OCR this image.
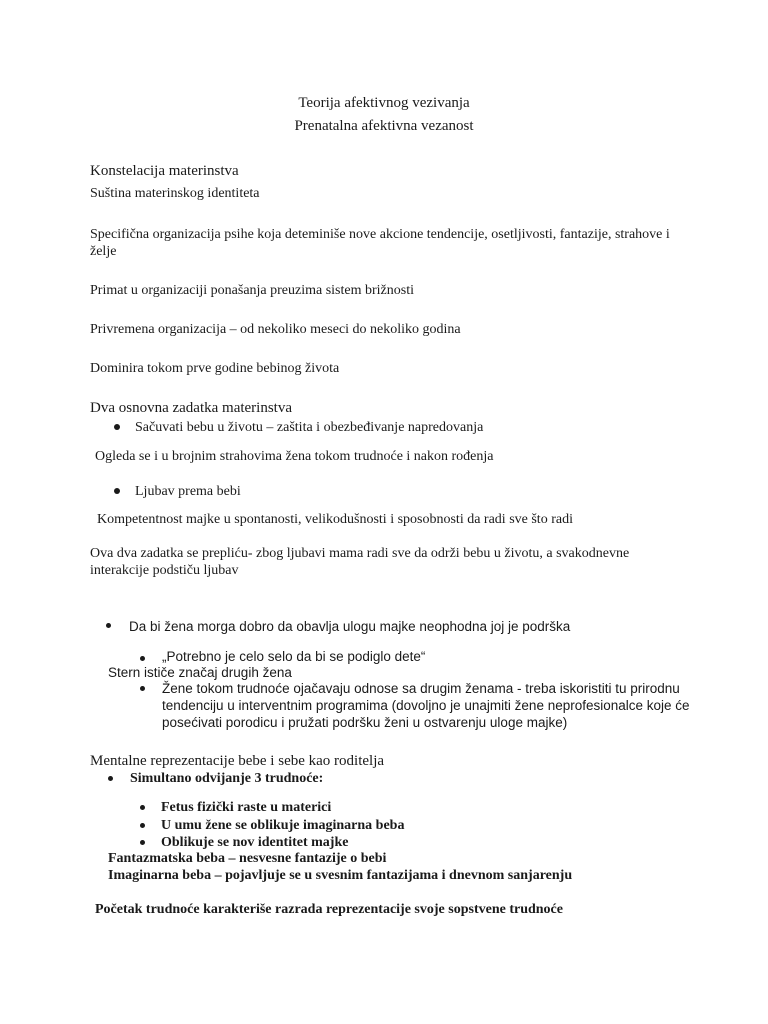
Teorija afektivnog vezivanja
Prenatalna afektivna vezanost
Konstelacija materinstva
Suština materinskog identiteta
Specifična organizacija psihe koja deteminiše nove akcione tendencije, osetljivosti, fantazije, strahove i
želje
Primat u organizaciji ponašanja preuzima sistem brižnosti
Privremena organizacija – od nekoliko meseci do nekoliko godina
Dominira tokom prve godine bebinog života
Dva osnovna zadatka materinstva
Sačuvati bebu u životu – zaštita i obezbeđivanje napredovanja
Ogleda se i u brojnim strahovima žena tokom trudnoće i nakon rođenja
Ljubav prema bebi
Kompetentnost majke u spontanosti, velikodušnosti i sposobnosti da radi sve što radi
Ova dva zadatka se prepliću- zbog ljubavi mama radi sve da održi bebu u životu, a svakodnevne
interakcije podstiču ljubav
Da bi žena morga dobro da obavlja ulogu majke neophodna joj je podrška
„Potrebno je celo selo da bi se podiglo dete“
Stern ističe značaj drugih žena
Žene tokom trudnoće ojačavaju odnose sa drugim ženama - treba iskoristiti tu prirodnu
tendenciju u interventnim programima (dovoljno je unajmiti žene neprofesionalce koje će
posećivati porodicu i pružati podršku ženi u ostvarenju uloge majke)
Mentalne reprezentacije bebe i sebe kao roditelja
Simultano odvijanje 3 trudnoće:
Fetus fizički raste u materici
U umu žene se oblikuje imaginarna beba
Oblikuje se nov identitet majke
Fantazmatska beba – nesvesne fantazije o bebi
Imaginarna beba – pojavljuje se u svesnim fantazijama i dnevnom sanjarenju
Početak trudnoće karakteriše razrada reprezentacije svoje sopstvene trudnoće
